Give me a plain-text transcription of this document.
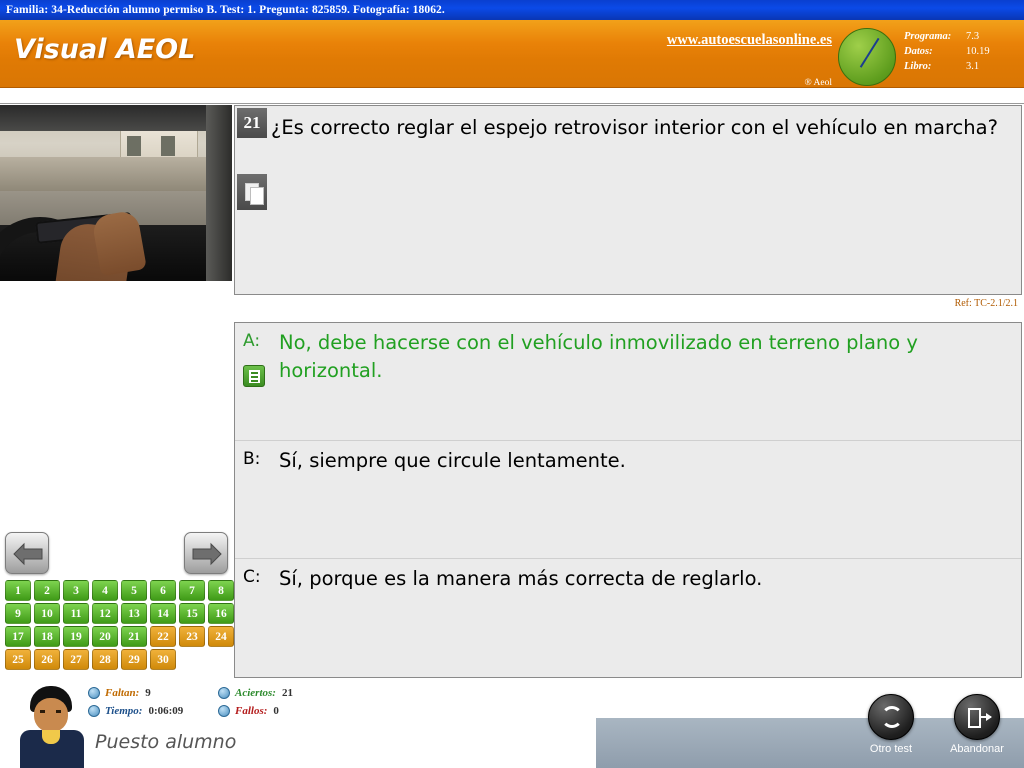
Familia: 34-Reducción alumno permiso B. Test: 1. Pregunta: 825859. Fotografía: 18062.
Visual AEOL	www.autoescuelasonline.es
® Aeol
Programa:	7.3
Datos:	10.19
Libro:	3.1
21 ¿Es correcto reglar el espejo retrovisor interior con el vehículo en marcha?
Ref: TC-2.1/2.1
A: No, debe hacerse con el vehículo inmovilizado en terreno plano y horizontal.
B: Sí, siempre que circule lentamente.
C: Sí, porque es la manera más correcta de reglarlo.
1	2	3	4	5	6	7	8
9	10	11	12	13	14	15	16
17	18	19	20	21	22	23	24
25	26	27	28	29	30
Faltan: 9
Tiempo: 0:06:09
Aciertos: 21
Fallos: 0
Puesto alumno	Otro test	Abandonar
